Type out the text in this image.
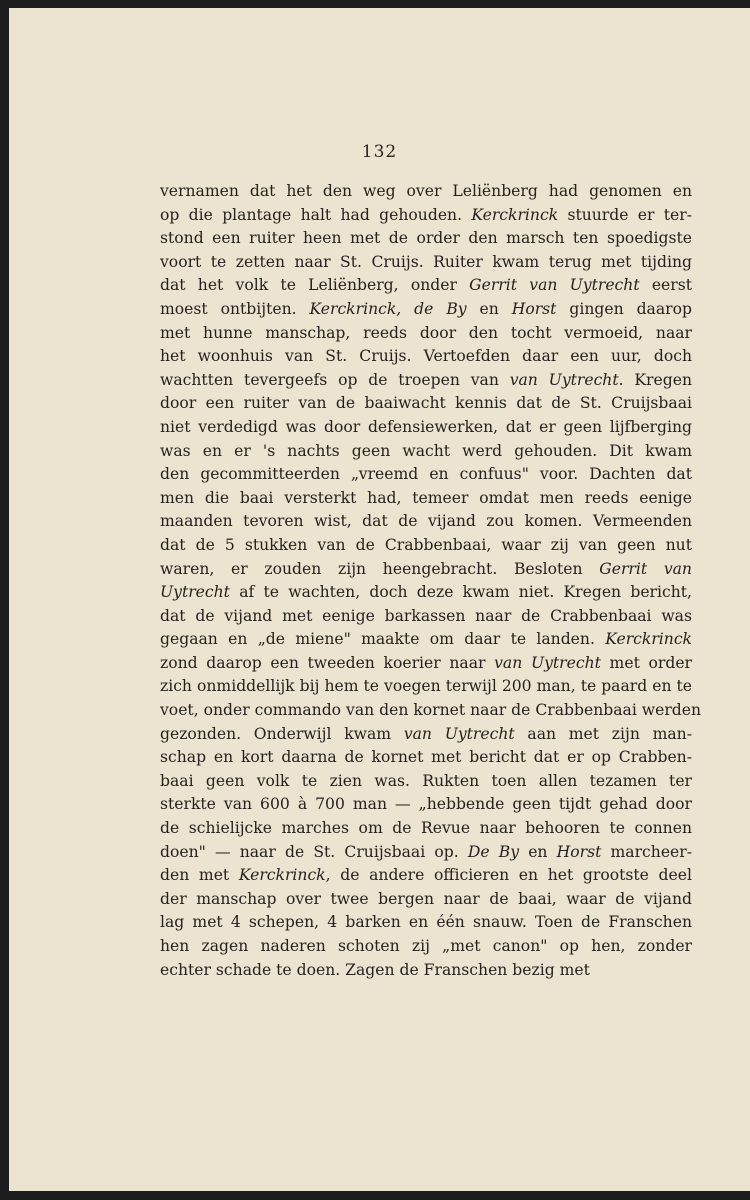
132
vernamen dat het den weg over Leliënberg had genomen en
op die plantage halt had gehouden. Kerckrinck stuurde er ter-
stond een ruiter heen met de order den marsch ten spoedigste
voort te zetten naar St. Cruijs. Ruiter kwam terug met tijding
dat het volk te Leliënberg, onder Gerrit van Uytrecht eerst
moest ontbijten. Kerckrinck, de By en Horst gingen daarop
met hunne manschap, reeds door den tocht vermoeid, naar
het woonhuis van St. Cruijs. Vertoefden daar een uur, doch
wachtten tevergeefs op de troepen van van Uytrecht. Kregen
door een ruiter van de baaiwacht kennis dat de St. Cruijsbaai
niet verdedigd was door defensiewerken, dat er geen lijfberging
was en er 's nachts geen wacht werd gehouden. Dit kwam
den gecommitteerden „vreemd en confuus" voor. Dachten dat
men die baai versterkt had, temeer omdat men reeds eenige
maanden tevoren wist, dat de vijand zou komen. Vermeenden
dat de 5 stukken van de Crabbenbaai, waar zij van geen nut
waren, er zouden zijn heengebracht. Besloten Gerrit van
Uytrecht af te wachten, doch deze kwam niet. Kregen bericht,
dat de vijand met eenige barkassen naar de Crabbenbaai was
gegaan en „de miene" maakte om daar te landen. Kerckrinck
zond daarop een tweeden koerier naar van Uytrecht met order
zich onmiddellijk bij hem te voegen terwijl 200 man, te paard en te
voet, onder commando van den kornet naar de Crabbenbaai werden
gezonden. Onderwijl kwam van Uytrecht aan met zijn man-
schap en kort daarna de kornet met bericht dat er op Crabben-
baai geen volk te zien was. Rukten toen allen tezamen ter
sterkte van 600 à 700 man — „hebbende geen tijdt gehad door
de schielijcke marches om de Revue naar behooren te connen
doen" — naar de St. Cruijsbaai op. De By en Horst marcheer-
den met Kerckrinck, de andere officieren en het grootste deel
der manschap over twee bergen naar de baai, waar de vijand
lag met 4 schepen, 4 barken en één snauw. Toen de Franschen
hen zagen naderen schoten zij „met canon" op hen, zonder
echter schade te doen. Zagen de Franschen bezig met
